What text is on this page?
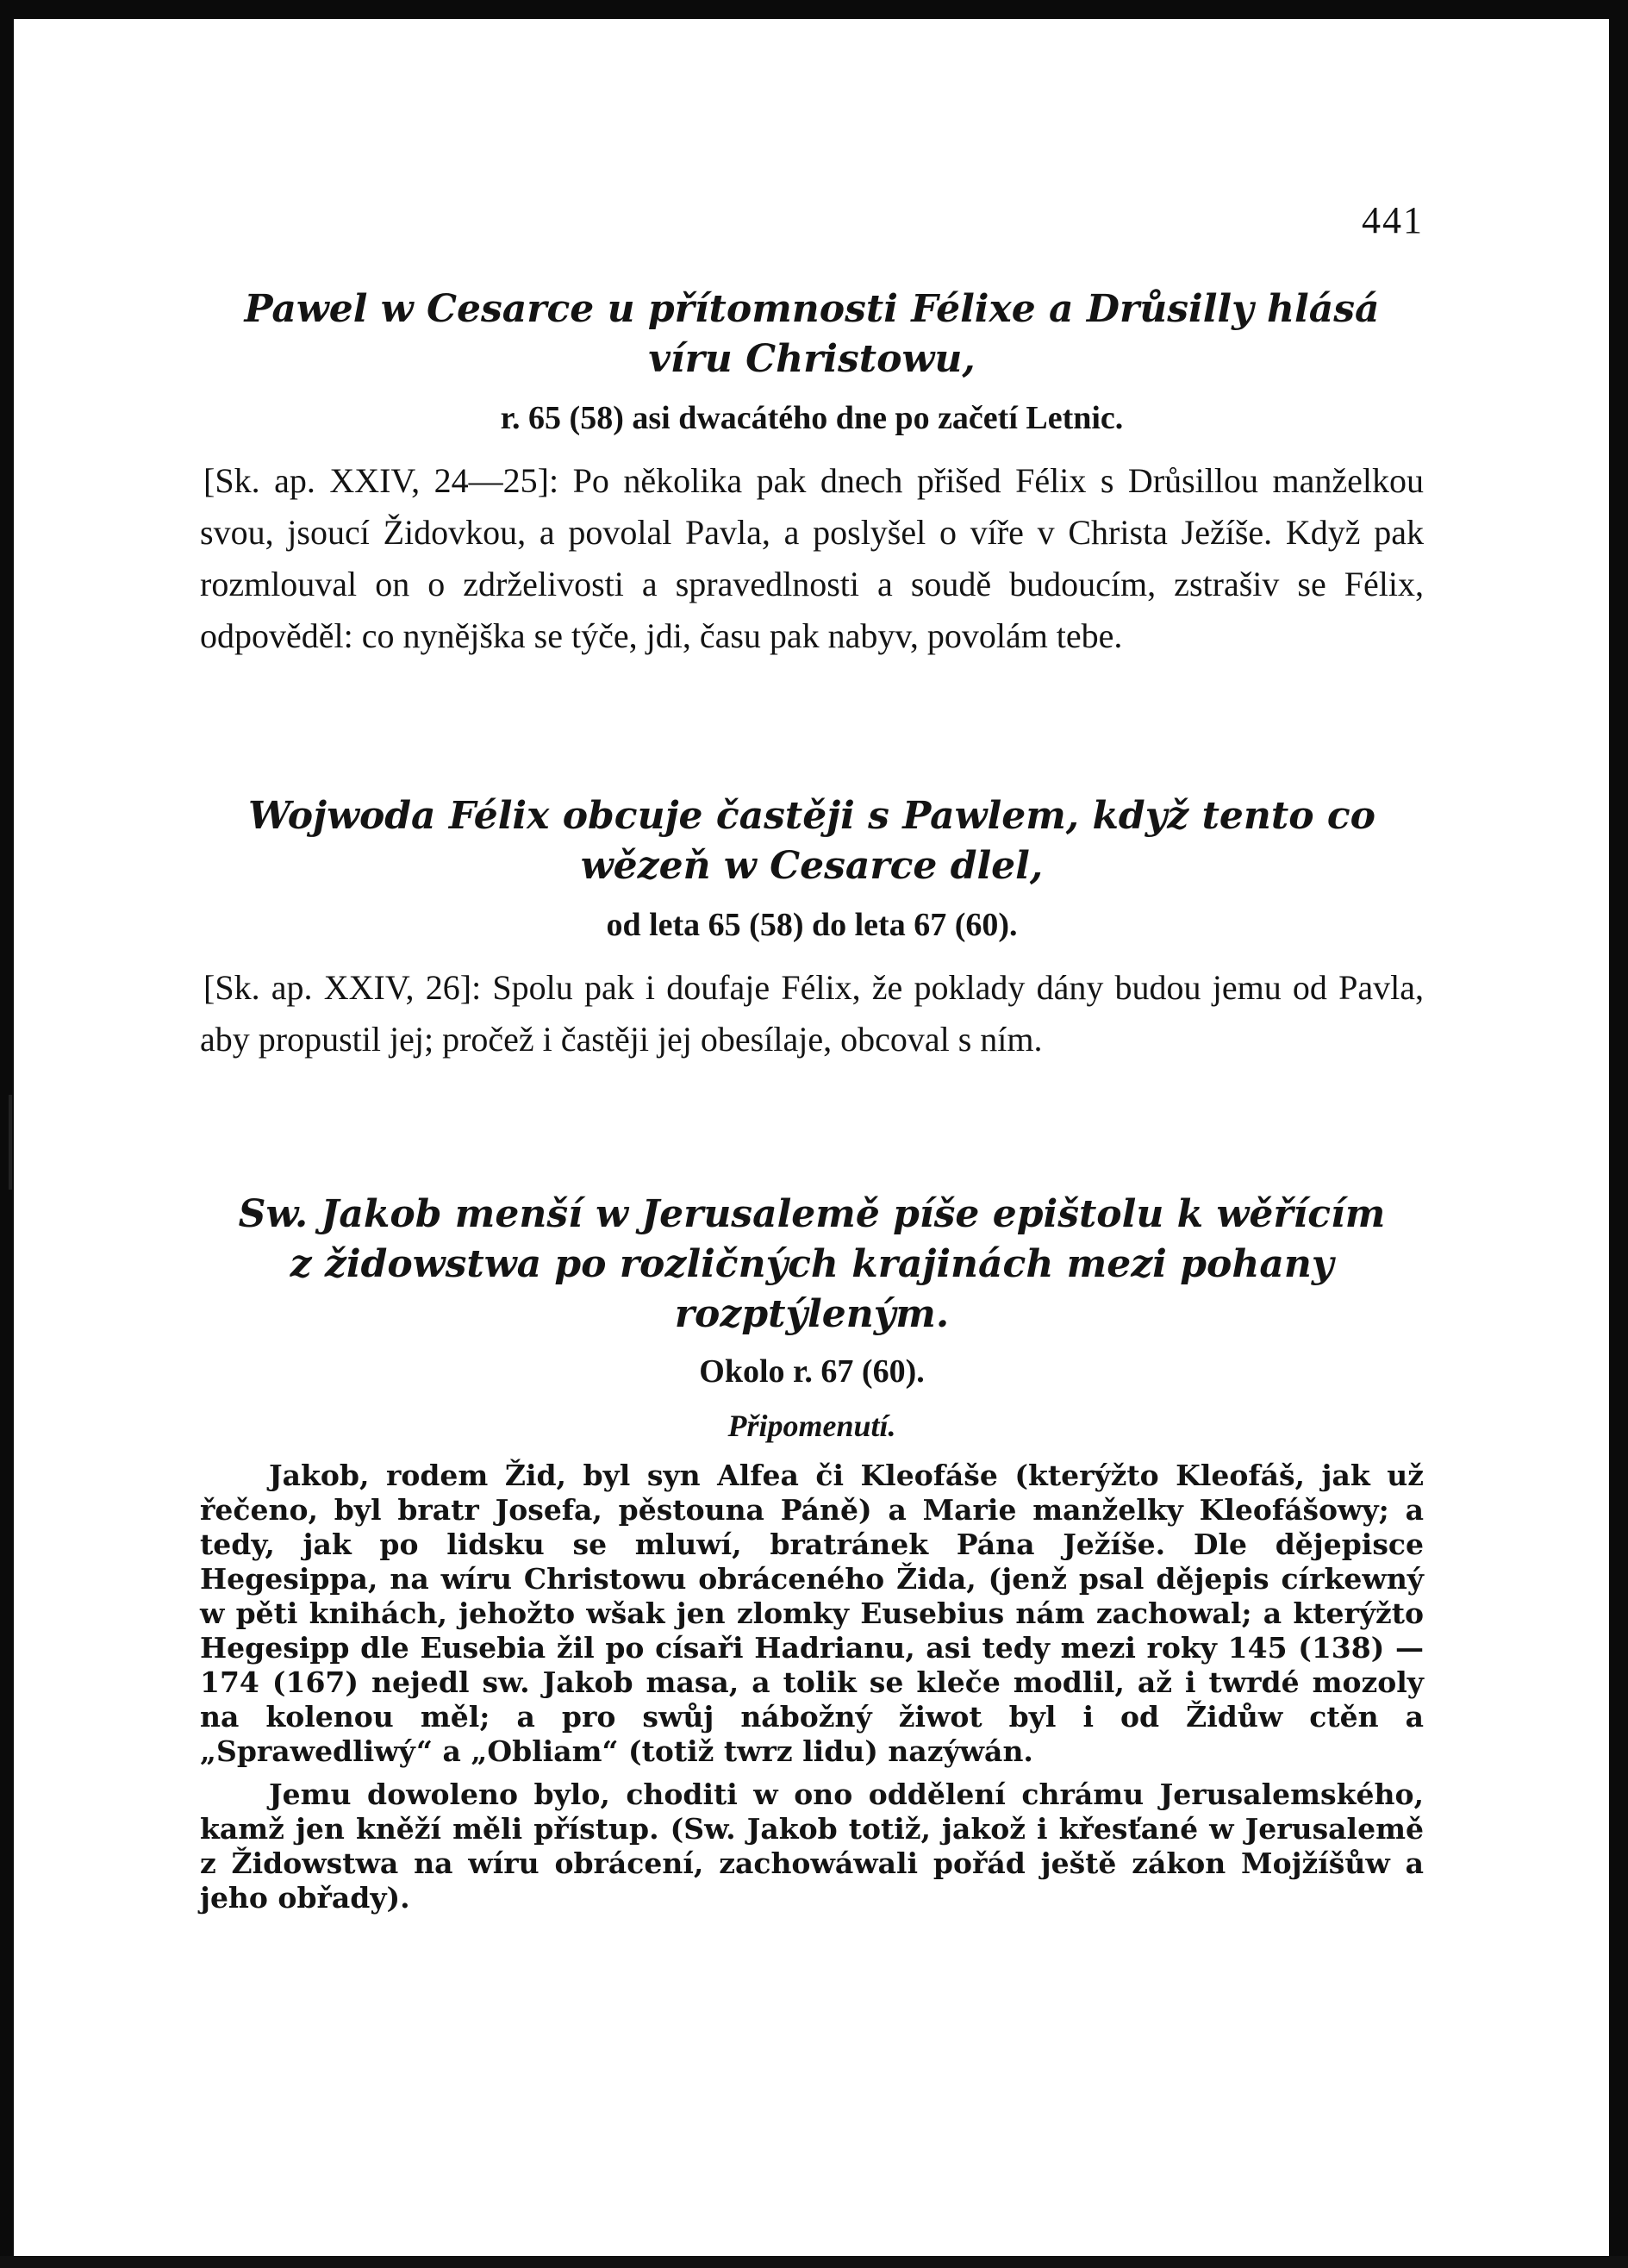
441

Pawel w Cesarce u přítomnosti Félixe a Drůsilly hlásá

víru Christowu,

r. 65 (58) asi dwacátého dne po začetí Letnic.

[Sk. ap. XXIV, 24—25]: Po několika pak dnech přišed Félix s Drůsillou manželkou svou, jsoucí Židovkou, a povolal Pavla, a poslyšel o víře v Christa Ježíše. Když pak rozmlouval on o zdrželivosti a spravedlnosti a soudě budoucím, zstrašiv se Félix, odpověděl: co nynějška se týče, jdi, času pak nabyv, povolám tebe.

Wojwoda Félix obcuje častěji s Pawlem, když tento co

wězeň w Cesarce dlel,

od leta 65 (58) do leta 67 (60).

[Sk. ap. XXIV, 26]: Spolu pak i doufaje Félix, že poklady dány budou jemu od Pavla, aby propustil jej; pročež i častěji jej obesílaje, obcoval s ním.

Sw. Jakob menší w Jerusalemě píše epištolu k wěřícím

z židowstwa po rozličných krajinách mezi pohany rozptýleným.

Okolo r. 67 (60).

Připomenutí.

Jakob, rodem Žid, byl syn Alfea či Kleofáše (kterýžto Kleofáš, jak už řečeno, byl bratr Josefa, pěstouna Páně) a Marie manželky Kleofášowy; a tedy, jak po lidsku se mluwí, bratránek Pána Ježíše. Dle dějepisce Hegesippa, na wíru Christowu obráceného Žida, (jenž psal dějepis církewný w pěti knihách, jehožto wšak jen zlomky Eusebius nám zachowal; a kterýžto Hegesipp dle Eusebia žil po císaři Hadrianu, asi tedy mezi roky 145 (138) — 174 (167) nejedl sw. Jakob masa, a tolik se kleče modlil, až i twrdé mozoly na kolenou měl; a pro swůj nábožný žiwot byl i od Židůw ctěn a „Sprawedliwý“ a „Obliam“ (totiž twrz lidu) nazýwán.

Jemu dowoleno bylo, choditi w ono oddělení chrámu Jerusalemského, kamž jen kněží měli přístup. (Sw. Jakob totiž, jakož i křesťané w Jerusalemě z Židowstwa na wíru obrácení, zachowáwali pořád ještě zákon Mojžíšůw a jeho obřady).
